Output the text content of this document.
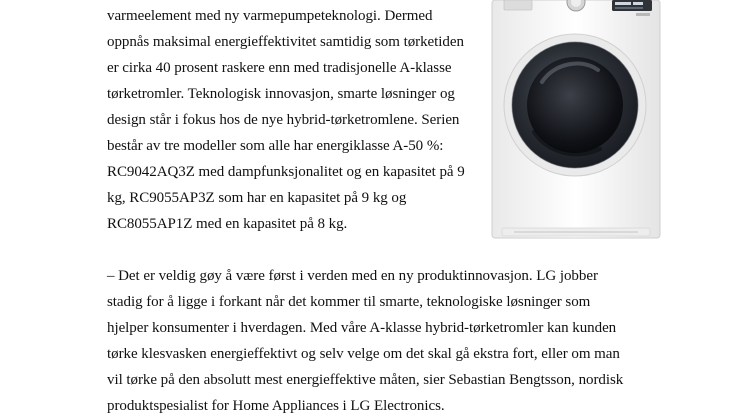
varmeelement med ny varmepumpeteknologi. Dermed
oppnås maksimal energieffektivitet samtidig som tørketiden
er cirka 40 prosent raskere enn med tradisjonelle A-klasse
tørketromler. Teknologisk innovasjon, smarte løsninger og
design står i fokus hos de nye hybrid-tørketromlene. Serien
består av tre modeller som alle har energiklasse A-50 %:
RC9042AQ3Z med dampfunksjonalitet og en kapasitet på 9
kg, RC9055AP3Z som har en kapasitet på 9 kg og
RC8055AP1Z med en kapasitet på 8 kg.

– Det er veldig gøy å være først i verden med en ny produktinnovasjon. LG jobber
stadig for å ligge i forkant når det kommer til smarte, teknologiske løsninger som
hjelper konsumenter i hverdagen. Med våre A-klasse hybrid-tørketromler kan kunden
tørke klesvasken energieffektivt og selv velge om det skal gå ekstra fort, eller om man
vil tørke på den absolutt mest energieffektive måten, sier Sebastian Bengtsson, nordisk
produktspesialist for Home Appliances i LG Electronics.
